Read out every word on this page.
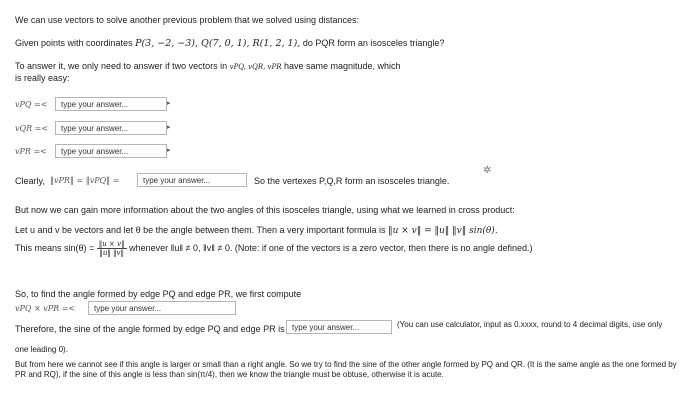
We can use vectors to solve another previous problem that we solved using distances:
Given points with coordinates P(3, −2, −3), Q(7, 0, 1), R(1, 2, 1), do PQR form an isosceles triangle?
To answer it, we only need to answer if two vectors in vPQ, vQR, vPR have same magnitude, which
is really easy:
vPQ =<	type your answer...	▸
vQR =<	type your answer...	▸
vPR =<	type your answer...	▸
Clearly, ‖vPR‖ = ‖vPQ‖ =	type your answer...	So the vertexes P,Q,R form an isosceles triangle.
✲
But now we can gain more information about the two angles of this isosceles triangle, using what we learned in cross product:
Let u and v be vectors and let θ be the angle between them. Then a very important formula is ‖u × v‖ = ‖u‖ ‖v‖ sin(θ).
This means $\sin(\theta) = \frac{‖u \times v‖}{‖u‖ ‖v‖}$ whenever ‖u‖ ≠ 0, ‖v‖ ≠ 0. (Note: if one of the vectors is a zero vector, then there is no angle defined.)
So, to find the angle formed by edge PQ and edge PR, we first compute
vPQ × vPR =<	type your answer...
Therefore, the sine of the angle formed by edge PQ and edge PR is type your answer...	(You can use calculator, input as 0.xxxx, round to 4 decimal digits, use only
one leading 0).
But from here we cannot see if this angle is larger or small than a right angle. So we try to find the sine of the other angle formed by PQ and QR. (It is the same angle as the one formed by PR and RQ), if the sine of this angle is less than sin(π/4), then we know the triangle must be obtuse, otherwise it is acute.
